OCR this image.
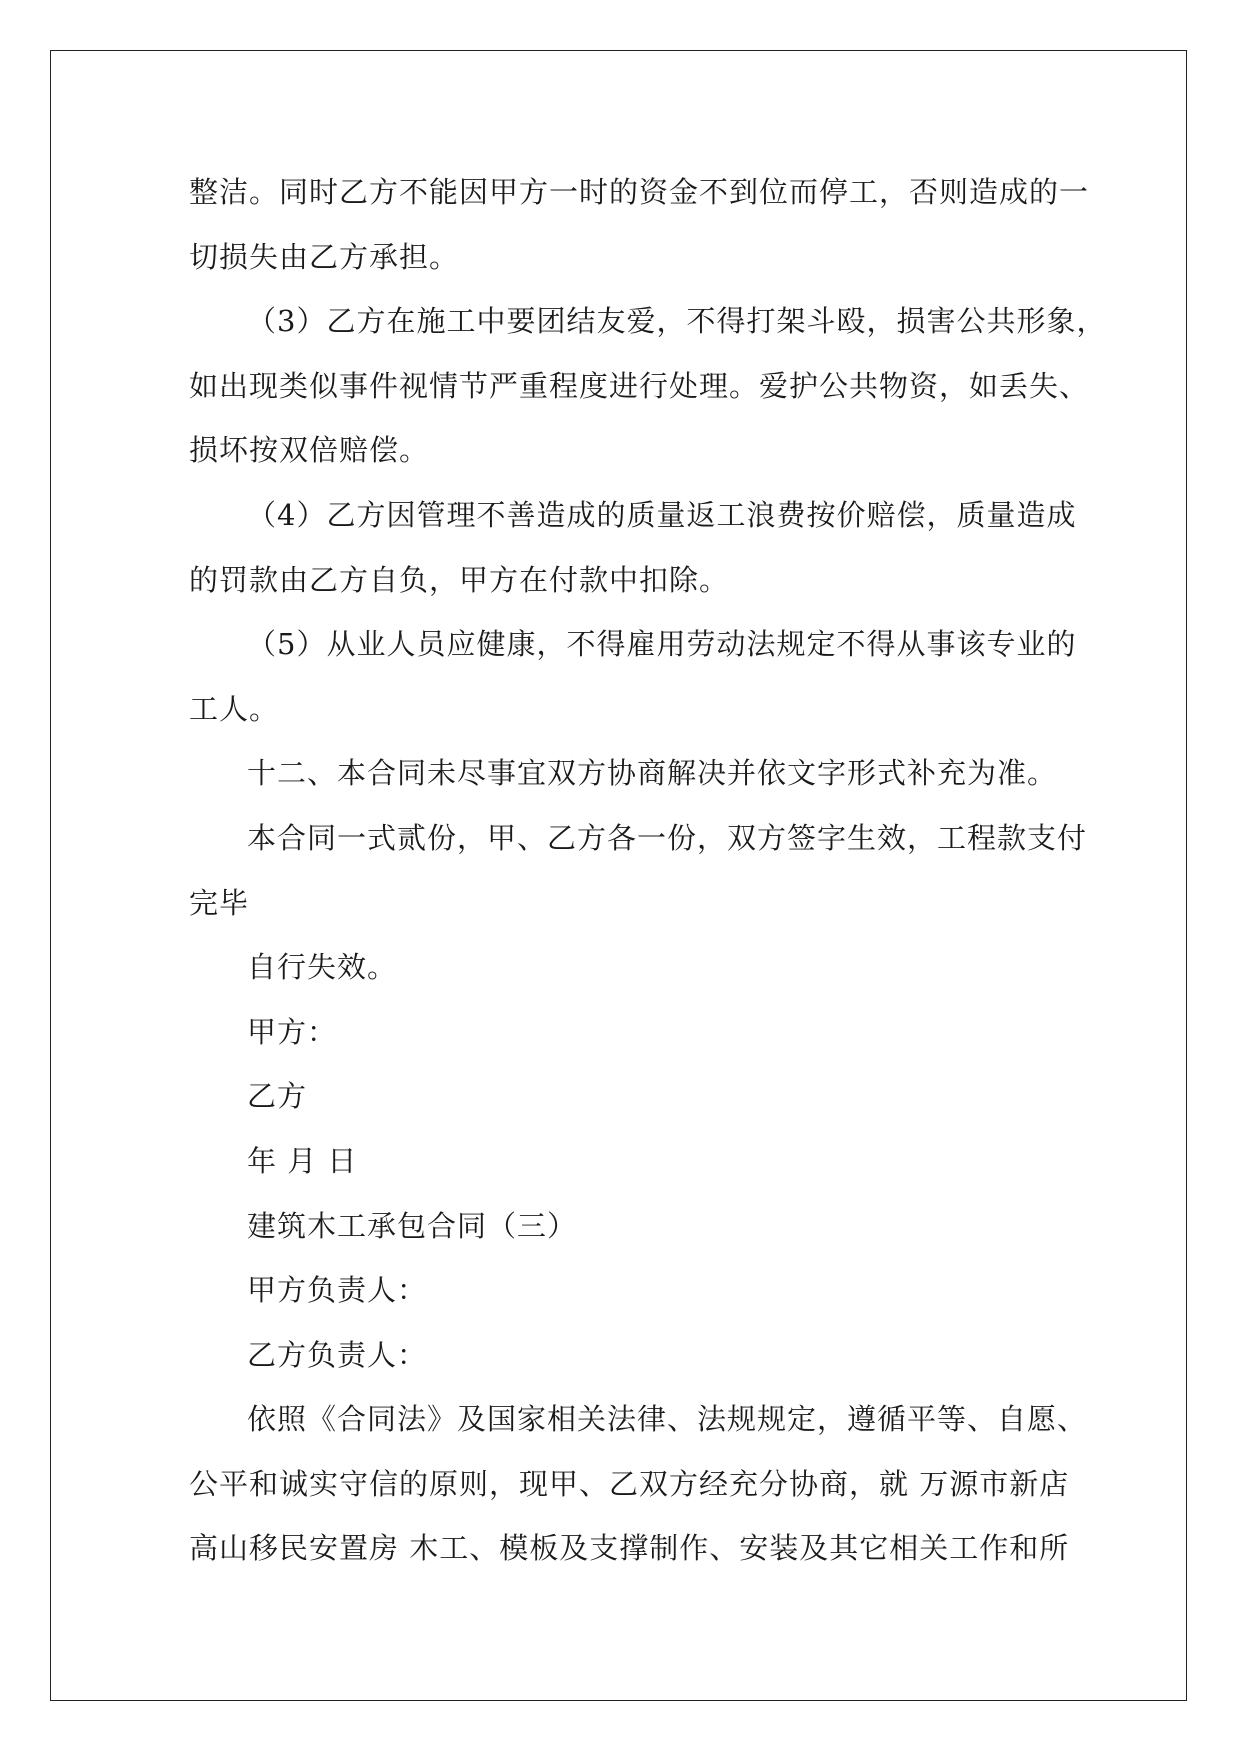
整洁。同时乙方不能因甲方一时的资金不到位而停工，否则造成的一

切损失由乙方承担。

（3）乙方在施工中要团结友爱，不得打架斗殴，损害公共形象，

如出现类似事件视情节严重程度进行处理。爱护公共物资，如丢失、

损坏按双倍赔偿。

（4）乙方因管理不善造成的质量返工浪费按价赔偿，质量造成

的罚款由乙方自负，甲方在付款中扣除。

（5）从业人员应健康，不得雇用劳动法规定不得从事该专业的

工人。

十二、本合同未尽事宜双方协商解决并依文字形式补充为准。

本合同一式贰份，甲、乙方各一份，双方签字生效，工程款支付

完毕

自行失效。

甲方：

乙方

年 月 日

建筑木工承包合同（三）

甲方负责人：

乙方负责人：

依照《合同法》及国家相关法律、法规规定，遵循平等、自愿、

公平和诚实守信的原则，现甲、乙双方经充分协商，就 万源市新店

高山移民安置房 木工、模板及支撑制作、安装及其它相关工作和所
